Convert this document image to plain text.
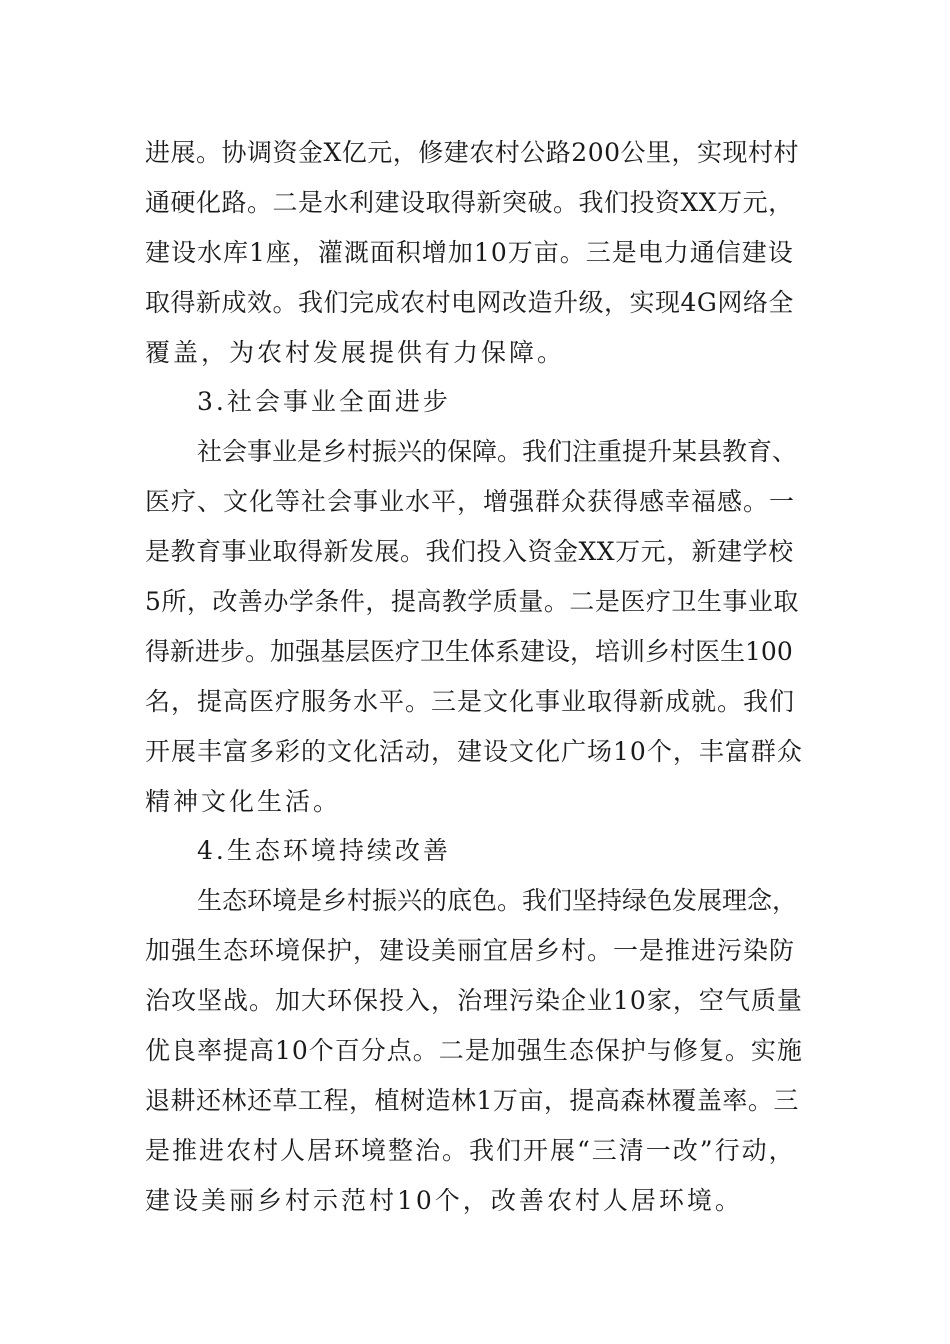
进展。协调资金X亿元，修建农村公路200公里，实现村村
通硬化路。二是水利建设取得新突破。我们投资XX万元，
建设水库1座，灌溉面积增加10万亩。三是电力通信建设
取得新成效。我们完成农村电网改造升级，实现4G网络全
覆盖，为农村发展提供有力保障。
3.社会事业全面进步
社会事业是乡村振兴的保障。我们注重提升某县教育、
医疗、文化等社会事业水平，增强群众获得感幸福感。一
是教育事业取得新发展。我们投入资金XX万元，新建学校
5所，改善办学条件，提高教学质量。二是医疗卫生事业取
得新进步。加强基层医疗卫生体系建设，培训乡村医生100
名，提高医疗服务水平。三是文化事业取得新成就。我们
开展丰富多彩的文化活动，建设文化广场10个，丰富群众
精神文化生活。
4.生态环境持续改善
生态环境是乡村振兴的底色。我们坚持绿色发展理念，
加强生态环境保护，建设美丽宜居乡村。一是推进污染防
治攻坚战。加大环保投入，治理污染企业10家，空气质量
优良率提高10个百分点。二是加强生态保护与修复。实施
退耕还林还草工程，植树造林1万亩，提高森林覆盖率。三
是推进农村人居环境整治。我们开展“三清一改”行动，
建设美丽乡村示范村10个，改善农村人居环境。
